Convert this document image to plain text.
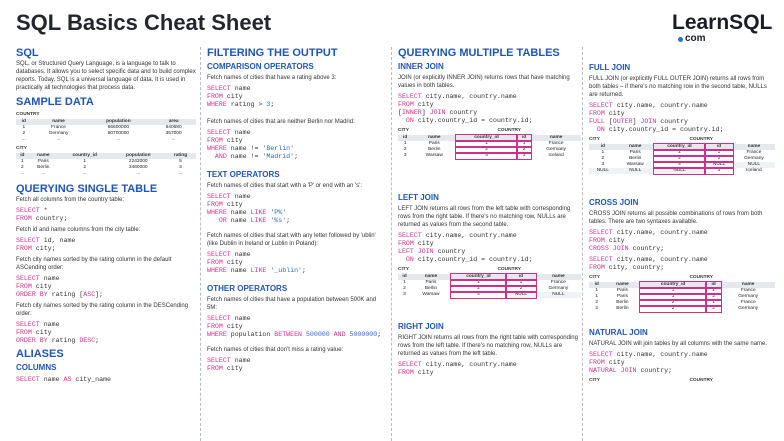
SQL Basics Cheat Sheet	LearnSQL
com
SQL

SQL, or Structured Query Language, is a language to talk to databases. It allows you to select specific data and to build complex reports. Today, SQL is a universal language of data. It is used in practically all technologies that process data.

SAMPLE DATA
COUNTRY
id	name	population	area
1	France	66600000	640680
2	Germany	80700000	357000
...	...	...	...
CITY
id	name	country_id	population	rating
1	Paris	1	2243000	5
2	Berlin	2	3460000	3
...	...	...	...	...
QUERYING SINGLE TABLE

Fetch all columns from the country table:

SELECT *
FROM country;

Fetch id and name columns from the city table:

SELECT id, name
FROM city;

Fetch city names sorted by the rating column in the default ASCending order:

SELECT name
FROM city
ORDER BY rating [ASC];

Fetch city names sorted by the rating column in the DESCending order:

SELECT name
FROM city
ORDER BY rating DESC;
ALIASES
COLUMNS
SELECT name AS city_name
FILTERING THE OUTPUT
COMPARISON OPERATORS

Fetch names of cities that have a rating above 3:

SELECT name
FROM city
WHERE rating > 3;

Fetch names of cities that are neither Berlin nor Madrid:

SELECT name
FROM city
WHERE name != 'Berlin'
AND name != 'Madrid';
TEXT OPERATORS

Fetch names of cities that start with a 'P' or end with an 's':

SELECT name
FROM city
WHERE name LIKE 'P%'
OR name LIKE '%s';

Fetch names of cities that start with any letter followed by 'ublin' (like Dublin in Ireland or Lublin in Poland):

SELECT name
FROM city
WHERE name LIKE '_ublin';
OTHER OPERATORS

Fetch names of cities that have a population between 500K and 5M:

SELECT name
FROM city
WHERE population BETWEEN 500000 AND 5000000;

Fetch names of cities that don't miss a rating value:

SELECT name
FROM city
QUERYING MULTIPLE TABLES
INNER JOIN

JOIN (or explicitly INNER JOIN) returns rows that have matching values in both tables.

SELECT city.name, country.name
FROM city
[INNER] JOIN country
ON city.country_id = country.id;
CITY	COUNTRY
id	name	country_id	id	name
1	Paris	1	1	France
2	Berlin	2	2	Germany
3	Warsaw	4	3	Iceland
LEFT JOIN

LEFT JOIN returns all rows from the left table with corresponding rows from the right table. If there's no matching row, NULLs are returned as values from the second table.

SELECT city.name, country.name
FROM city
LEFT JOIN country
ON city.country_id = country.id;
CITY	COUNTRY
id	name	country_id	id	name
1	Paris	1	1	France
2	Berlin	2	2	Germany
3	Warsaw	4	NULL	NULL
RIGHT JOIN

RIGHT JOIN returns all rows from the right table with corresponding rows from the left table. If there's no matching row, NULLs are returned as values from the left table.

SELECT city.name, country.name
FROM city
FULL JOIN

FULL JOIN (or explicitly FULL OUTER JOIN) returns all rows from both tables – if there's no matching row in the second table, NULLs are returned.

SELECT city.name, country.name
FROM city
FULL [OUTER] JOIN country
ON city.country_id = country.id;
CITY	COUNTRY
id	name	country_id	id	name
1	Paris	1	1	France
2	Berlin	2	2	Germany
3	Warsaw	4	NULL	NULL
NULL	NULL	NULL	3	Iceland
CROSS JOIN

CROSS JOIN returns all possible combinations of rows from both tables. There are two syntaxes available.

SELECT city.name, country.name
FROM city
CROSS JOIN country;
SELECT city.name, country.name
FROM city, country;
CITY	COUNTRY
id	name	country_id	id	name
1	Paris	1	1	France
1	Paris	1	2	Germany
2	Berlin	2	1	France
2	Berlin	2	2	Germany
NATURAL JOIN

NATURAL JOIN will join tables by all columns with the same name.

SELECT city.name, country.name
FROM city
NATURAL JOIN country;
CITY	COUNTRY
